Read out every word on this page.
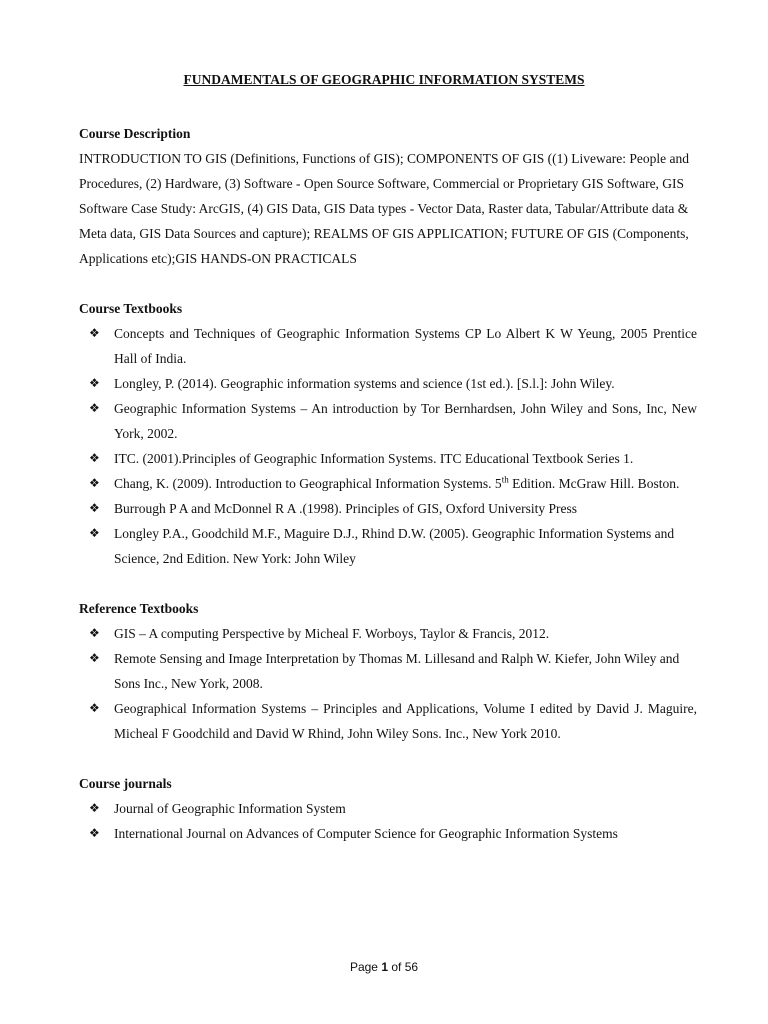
FUNDAMENTALS OF GEOGRAPHIC INFORMATION SYSTEMS
Course Description

INTRODUCTION TO GIS (Definitions, Functions of GIS); COMPONENTS OF GIS ((1) Liveware: People and Procedures, (2) Hardware, (3) Software - Open Source Software, Commercial or Proprietary GIS Software, GIS Software Case Study: ArcGIS, (4) GIS Data, GIS Data types - Vector Data, Raster data, Tabular/Attribute data & Meta data, GIS Data Sources and capture); REALMS OF GIS APPLICATION; FUTURE OF GIS (Components, Applications etc);GIS HANDS-ON PRACTICALS

Course Textbooks
❖ Concepts and Techniques of Geographic Information Systems CP Lo Albert K W Yeung, 2005 Prentice Hall of India.
❖ Longley, P. (2014). Geographic information systems and science (1st ed.). [S.l.]: John Wiley.
❖ Geographic Information Systems – An introduction by Tor Bernhardsen, John Wiley and Sons, Inc, New York, 2002.
❖ ITC. (2001).Principles of Geographic Information Systems. ITC Educational Textbook Series 1.
❖ Chang, K. (2009). Introduction to Geographical Information Systems. 5th Edition. McGraw Hill. Boston.
❖ Burrough P A and McDonnel R A .(1998). Principles of GIS, Oxford University Press
❖ Longley P.A., Goodchild M.F., Maguire D.J., Rhind D.W. (2005). Geographic Information Systems and Science, 2nd Edition. New York: John Wiley
Reference Textbooks
❖ GIS – A computing Perspective by Micheal F. Worboys, Taylor & Francis, 2012.
❖ Remote Sensing and Image Interpretation by Thomas M. Lillesand and Ralph W. Kiefer, John Wiley and Sons Inc., New York, 2008.
❖ Geographical Information Systems – Principles and Applications, Volume I edited by David J. Maguire, Micheal F Goodchild and David W Rhind, John Wiley Sons. Inc., New York 2010.
Course journals
❖ Journal of Geographic Information System
❖ International Journal on Advances of Computer Science for Geographic Information Systems
Page 1 of 56
